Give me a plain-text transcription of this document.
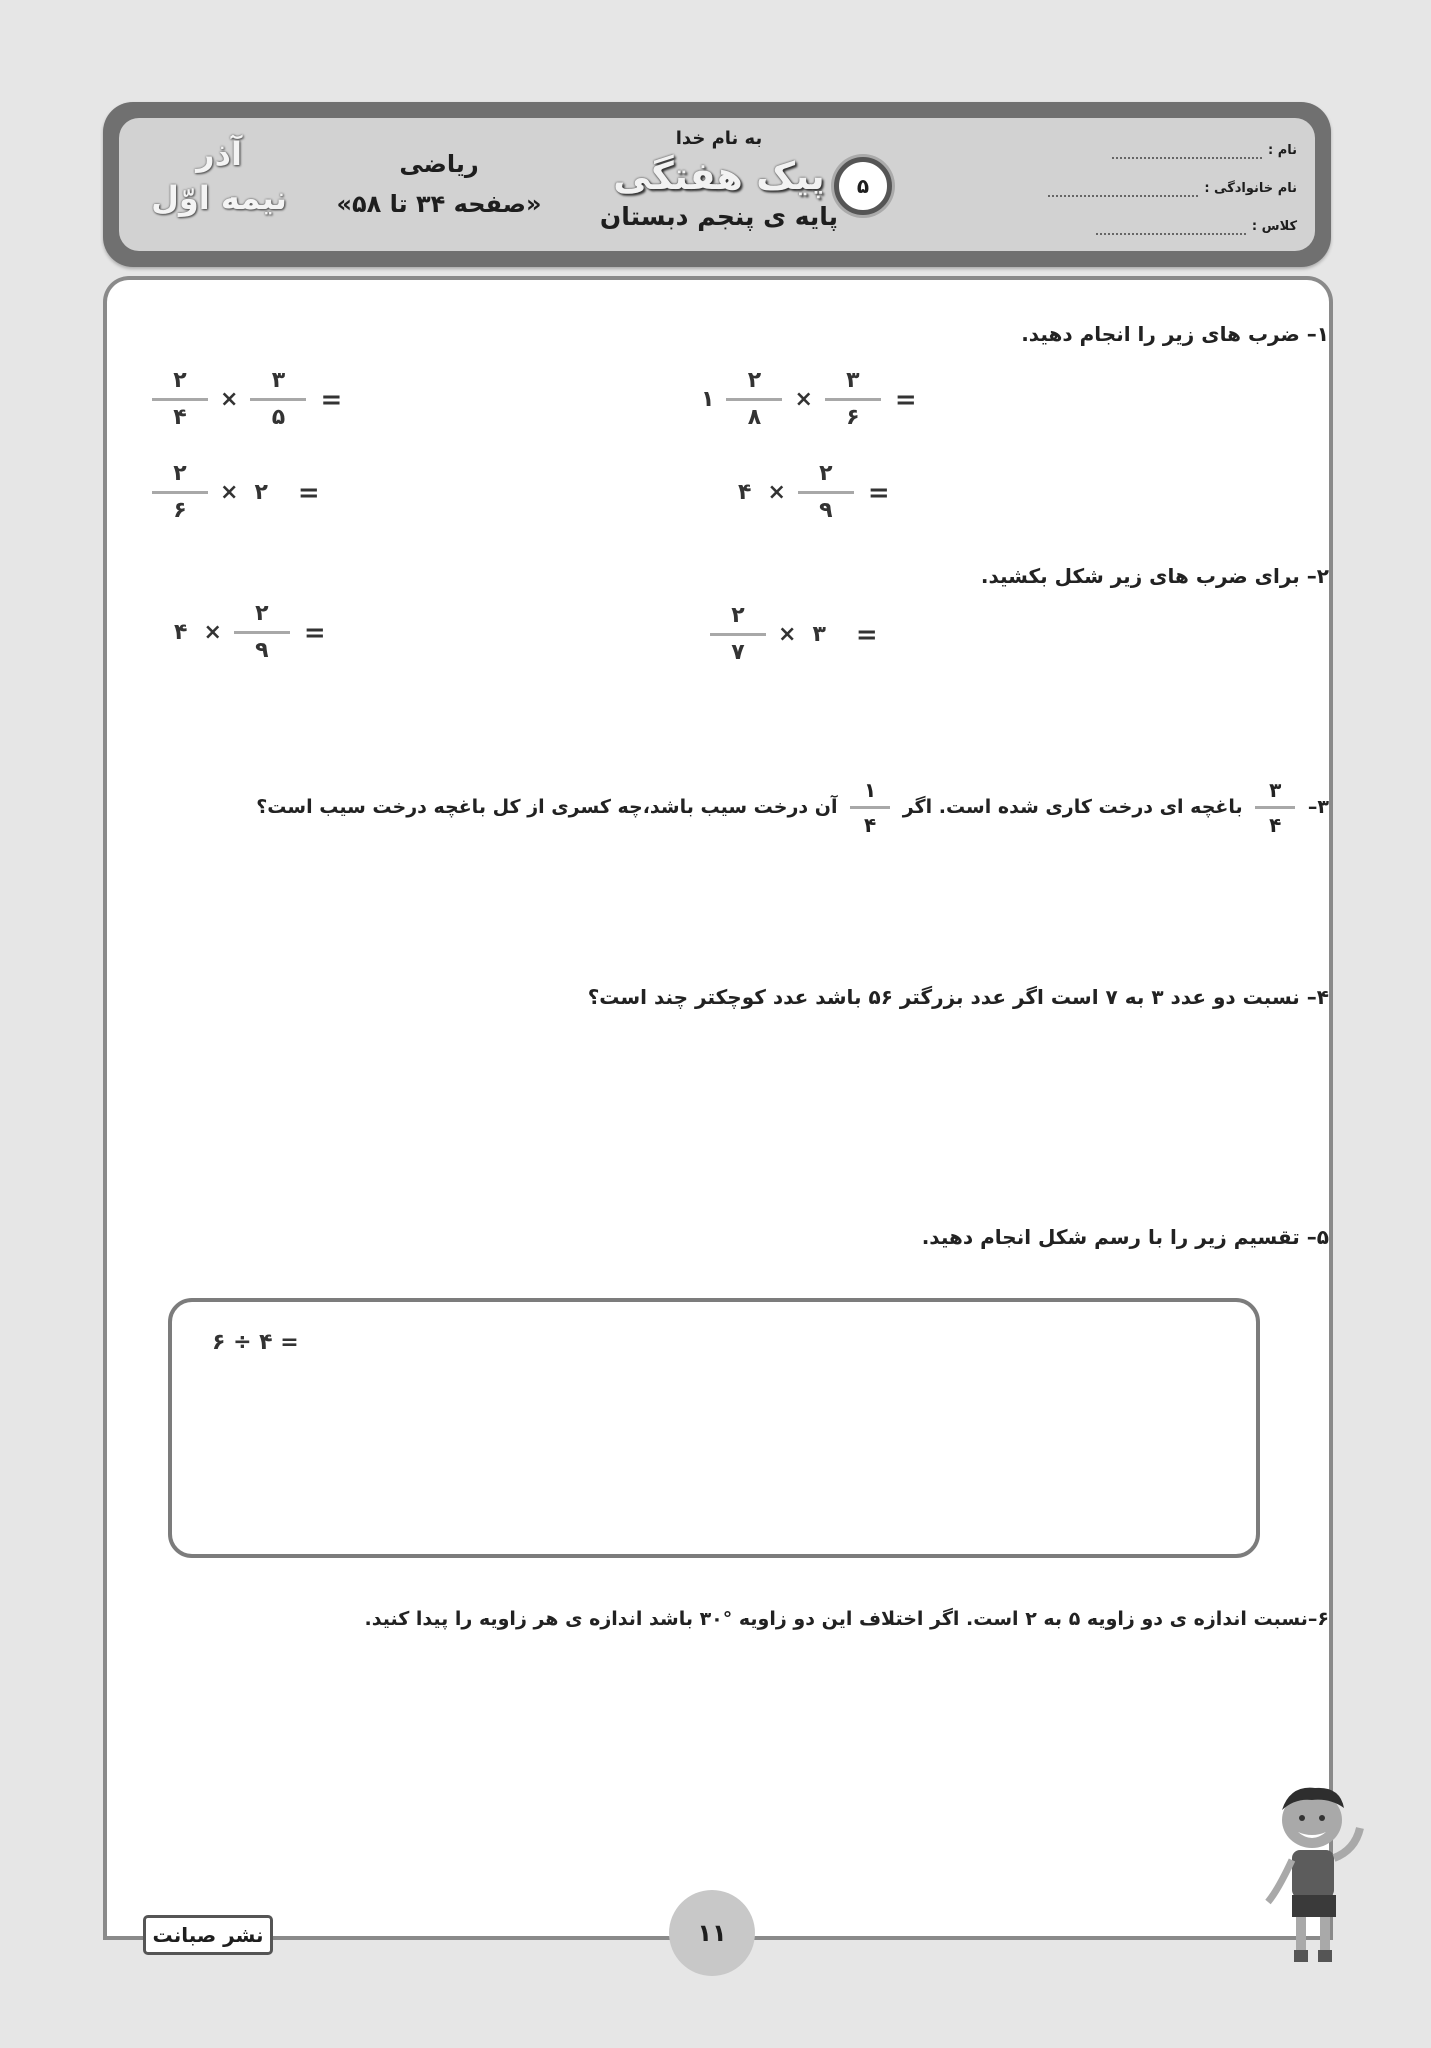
آذر
نیمه اوّل
ریاضی
«صفحه ۳۴ تا ۵۸»
به نام خدا
پیک هفتگی
پایه ی پنجم دبستان
۵
نام :
نام خانوادگی :
کلاس :
۱– ضرب های زیر را انجام دهید.
۱ $\frac{۲}{۸} \times \frac{۳}{۶}$ =
۴ × $\frac{۲}{۹}$ =
$\frac{۲}{۴} \times \frac{۳}{۵}$ =
$\frac{۲}{۶}$ × ۲ =
۲– برای ضرب های زیر شکل بکشید.
$\frac{۲}{۷}$ × ۳ =
۴ × $\frac{۲}{۹}$ =
۳–
$\frac{۳}{۴}$
باغچه ای درخت کاری شده است. اگر
$\frac{۱}{۴}$
آن درخت سیب باشد،چه کسری از کل باغچه درخت سیب است؟
۴– نسبت دو عدد ۳ به ۷ است اگر عدد بزرگتر ۵۶ باشد عدد کوچکتر چند است؟
۵– تقسیم زیر را با رسم شکل انجام دهید.
۶ ÷ ۴ =
۶–نسبت اندازه ی دو زاویه ۵ به ۲ است. اگر اختلاف این دو زاویه °۳۰ باشد اندازه ی هر زاویه را پیدا کنید.
نشر صبانت	۱۱
